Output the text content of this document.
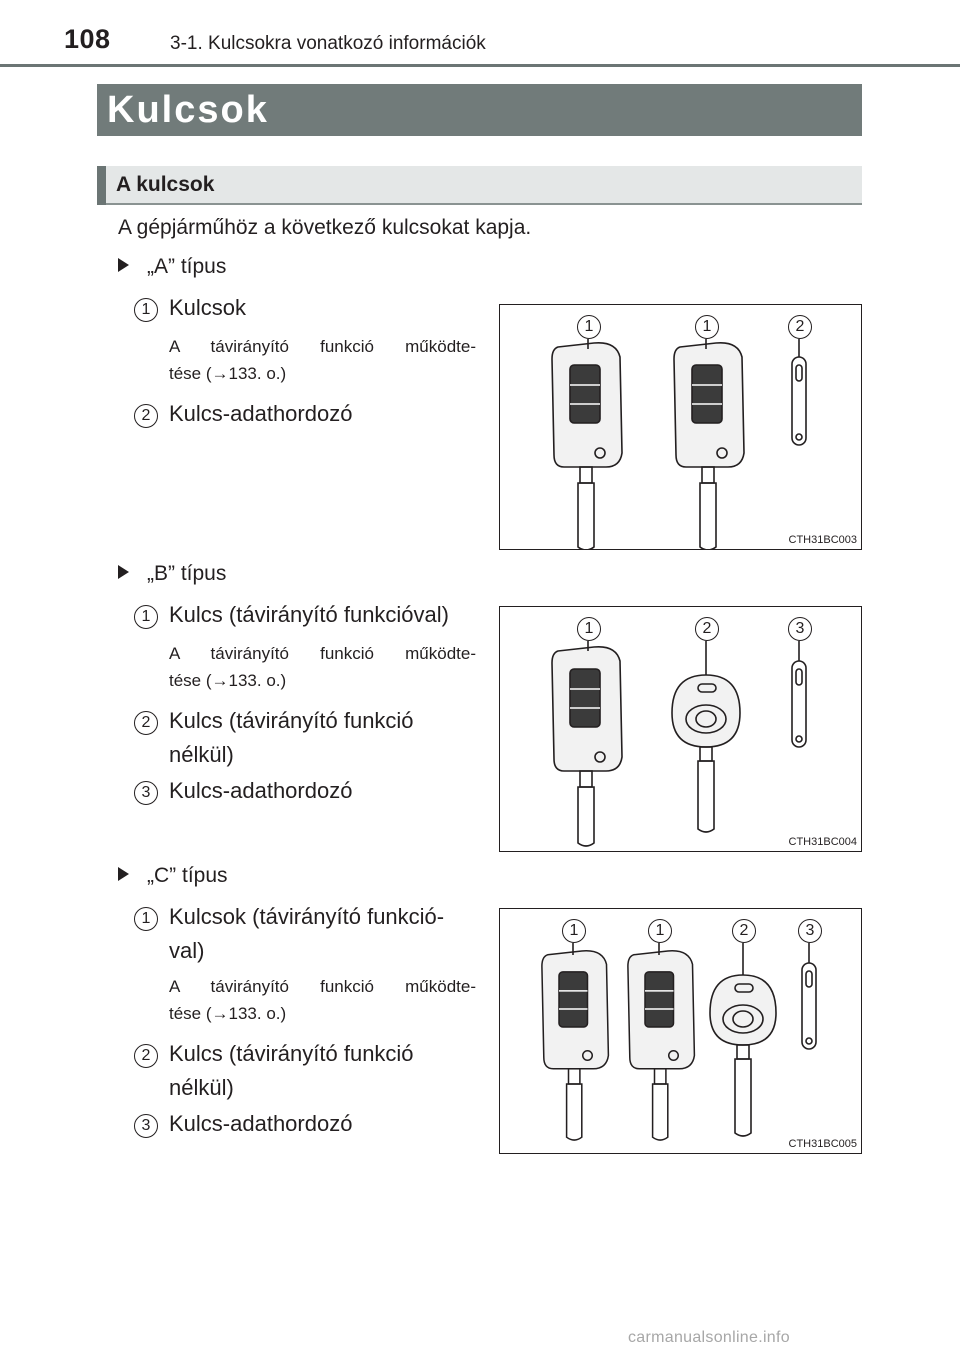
108	3-1. Kulcsokra vonatkozó információk
Kulcsok
A kulcsok
A gépjárműhöz a következő kulcsokat kapja.
„A” típus
1 Kulcsok
A távirányító funkció működte-
tése (→133. o.)
2 Kulcs-adathordozó
1	1	2
CTH31BC003
„B” típus
1 Kulcs (távirányító funkcióval)
A távirányító funkció működte-
tése (→133. o.)
2 Kulcs (távirányító funkció
nélkül)
3 Kulcs-adathordozó
1	2	3
CTH31BC004
„C” típus
1 Kulcsok (távirányító funkció-
val)
A távirányító funkció működte-
tése (→133. o.)
2 Kulcs (távirányító funkció
nélkül)
3 Kulcs-adathordozó
1	1	2	3
CTH31BC005
carmanualsonline.info
